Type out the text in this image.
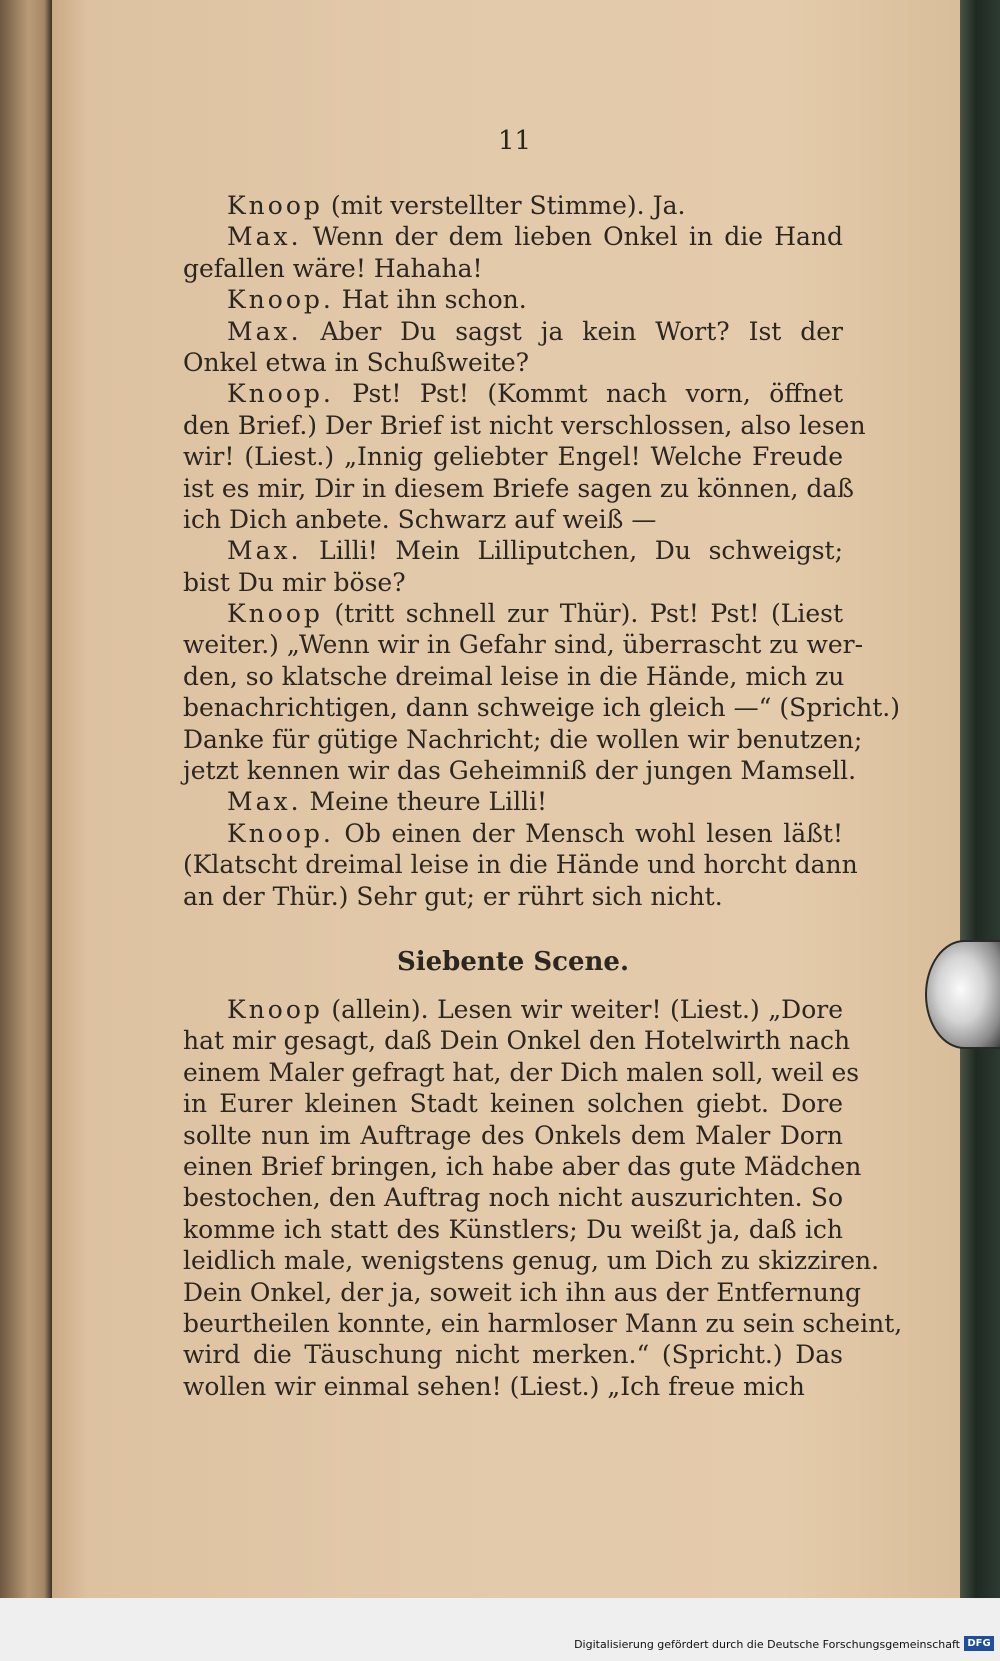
11
Knoop (mit verstellter Stimme). Ja.
Max. Wenn der dem lieben Onkel in die Hand
gefallen wäre! Hahaha!
Knoop. Hat ihn schon.
Max. Aber Du sagst ja kein Wort? Ist der
Onkel etwa in Schußweite?
Knoop. Pst! Pst! (Kommt nach vorn, öffnet
den Brief.) Der Brief ist nicht verschlossen, also lesen
wir! (Liest.) „Innig geliebter Engel! Welche Freude
ist es mir, Dir in diesem Briefe sagen zu können, daß
ich Dich anbete. Schwarz auf weiß —
Max. Lilli! Mein Lilliputchen, Du schweigst;
bist Du mir böse?
Knoop (tritt schnell zur Thür). Pst! Pst! (Liest
weiter.) „Wenn wir in Gefahr sind, überrascht zu wer-
den, so klatsche dreimal leise in die Hände, mich zu
benachrichtigen, dann schweige ich gleich —“ (Spricht.)
Danke für gütige Nachricht; die wollen wir benutzen;
jetzt kennen wir das Geheimniß der jungen Mamsell.
Max. Meine theure Lilli!
Knoop. Ob einen der Mensch wohl lesen läßt!
(Klatscht dreimal leise in die Hände und horcht dann
an der Thür.) Sehr gut; er rührt sich nicht.
Siebente Scene.
Knoop (allein). Lesen wir weiter! (Liest.) „Dore
hat mir gesagt, daß Dein Onkel den Hotelwirth nach
einem Maler gefragt hat, der Dich malen soll, weil es
in Eurer kleinen Stadt keinen solchen giebt. Dore
sollte nun im Auftrage des Onkels dem Maler Dorn
einen Brief bringen, ich habe aber das gute Mädchen
bestochen, den Auftrag noch nicht auszurichten. So
komme ich statt des Künstlers; Du weißt ja, daß ich
leidlich male, wenigstens genug, um Dich zu skizziren.
Dein Onkel, der ja, soweit ich ihn aus der Entfernung
beurtheilen konnte, ein harmloser Mann zu sein scheint,
wird die Täuschung nicht merken.“ (Spricht.) Das
wollen wir einmal sehen! (Liest.) „Ich freue mich
Digitalisierung gefördert durch die Deutsche Forschungsgemeinschaft DFG
